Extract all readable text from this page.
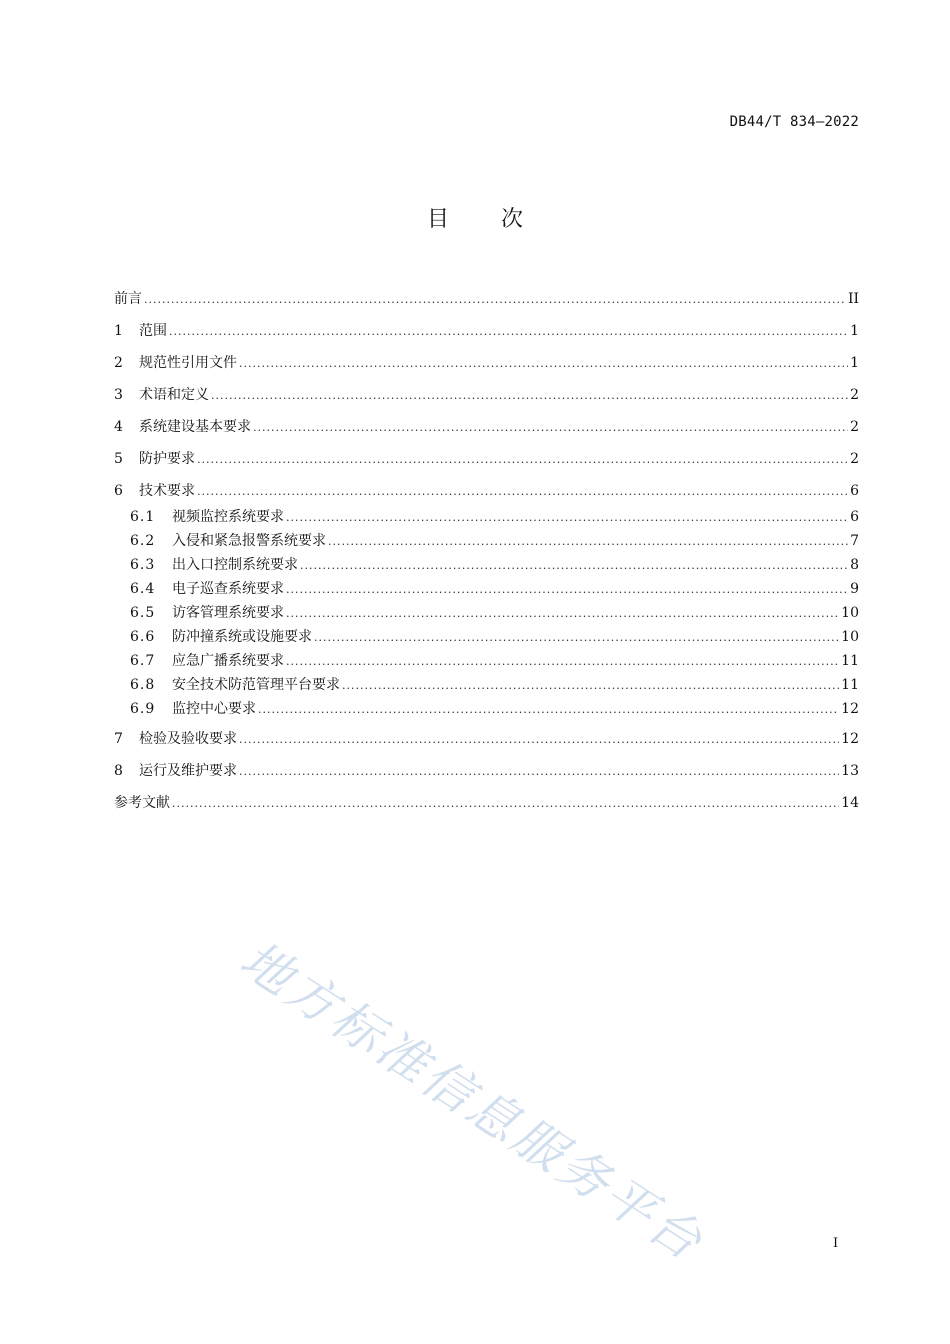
DB44/T 834—2022
目次
前言 .....	II
1	范围 .....	1
2	规范性引用文件 .....	1
3	术语和定义 .....	2
4	系统建设基本要求 .....	2
5	防护要求 .....	2
6	技术要求 .....	6
6.1	视频监控系统要求 .....	6
6.2	入侵和紧急报警系统要求 .....	7
6.3	出入口控制系统要求 .....	8
6.4	电子巡查系统要求 .....	9
6.5	访客管理系统要求 .....	10
6.6	防冲撞系统或设施要求 .....	10
6.7	应急广播系统要求 .....	11
6.8	安全技术防范管理平台要求 .....	11
6.9	监控中心要求 .....	12
7	检验及验收要求 .....	12
8	运行及维护要求 .....	13
参考文献 .....	14
地方标准信息服务平台	I
